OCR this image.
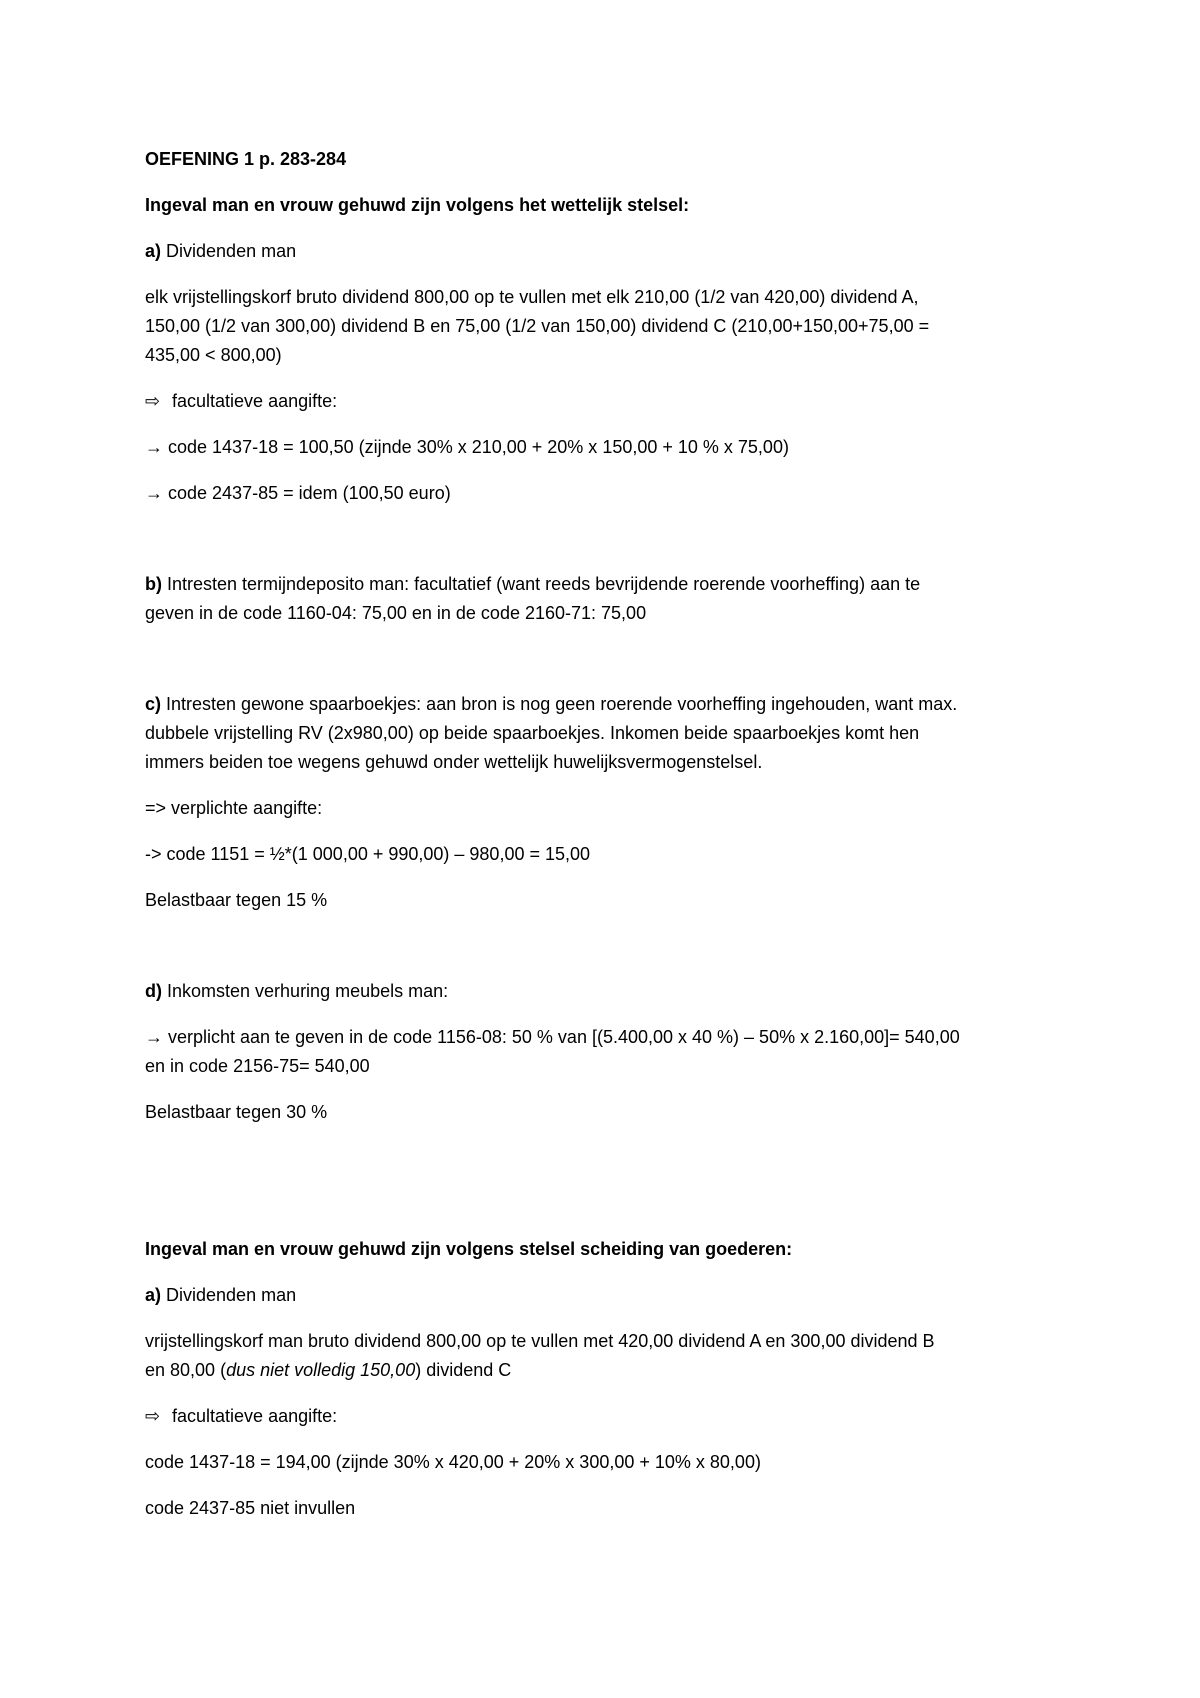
OEFENING 1 p. 283-284
Ingeval man en vrouw gehuwd zijn volgens het wettelijk stelsel:
a) Dividenden man
elk vrijstellingskorf bruto dividend 800,00 op te vullen met elk 210,00 (1/2 van 420,00) dividend A,
150,00 (1/2 van 300,00) dividend B en 75,00 (1/2 van 150,00) dividend C (210,00+150,00+75,00 =
435,00 < 800,00)
⇨ facultatieve aangifte:
→ code 1437-18 = 100,50 (zijnde 30% x 210,00 + 20% x 150,00 + 10 % x 75,00)
→ code 2437-85 = idem (100,50 euro)
b) Intresten termijndeposito man: facultatief (want reeds bevrijdende roerende voorheffing) aan te
geven in de code 1160-04: 75,00 en in de code 2160-71: 75,00
c) Intresten gewone spaarboekjes: aan bron is nog geen roerende voorheffing ingehouden, want max.
dubbele vrijstelling RV (2x980,00) op beide spaarboekjes. Inkomen beide spaarboekjes komt hen
immers beiden toe wegens gehuwd onder wettelijk huwelijksvermogenstelsel.
=> verplichte aangifte:
-> code 1151 = ½*(1 000,00 + 990,00) – 980,00 = 15,00
Belastbaar tegen 15 %
d) Inkomsten verhuring meubels man:
→ verplicht aan te geven in de code 1156-08: 50 % van [(5.400,00 x 40 %) – 50% x 2.160,00]= 540,00
en in code 2156-75= 540,00
Belastbaar tegen 30 %
Ingeval man en vrouw gehuwd zijn volgens stelsel scheiding van goederen:
a) Dividenden man
vrijstellingskorf man bruto dividend 800,00 op te vullen met 420,00 dividend A en 300,00 dividend B
en 80,00 (dus niet volledig 150,00) dividend C
⇨ facultatieve aangifte:
code 1437-18 = 194,00 (zijnde 30% x 420,00 + 20% x 300,00 + 10% x 80,00)
code 2437-85 niet invullen
